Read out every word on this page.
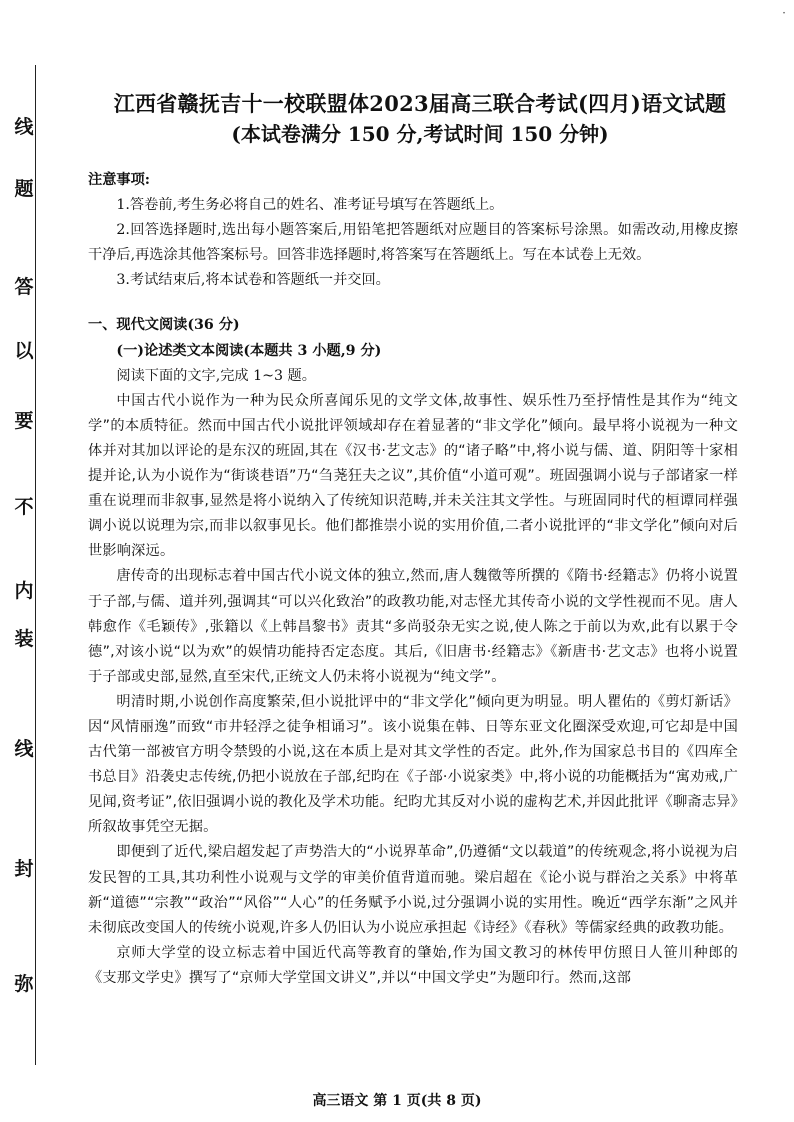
线
题
答
以
要
不
内
装
线
封
弥
·
江西省赣抚吉十一校联盟体2023届高三联合考试(四月)语文试题
(本试卷满分 150 分,考试时间 150 分钟)

注意事项:

1.答卷前,考生务必将自己的姓名、准考证号填写在答题纸上。

2.回答选择题时,选出每小题答案后,用铅笔把答题纸对应题目的答案标号涂黑。如需改动,用橡皮擦干净后,再选涂其他答案标号。回答非选择题时,将答案写在答题纸上。写在本试卷上无效。

3.考试结束后,将本试卷和答题纸一并交回。

一、现代文阅读(36 分)

(一)论述类文本阅读(本题共 3 小题,9 分)

阅读下面的文字,完成 1~3 题。

中国古代小说作为一种为民众所喜闻乐见的文学文体,故事性、娱乐性乃至抒情性是其作为“纯文学”的本质特征。然而中国古代小说批评领域却存在着显著的“非文学化”倾向。最早将小说视为一种文体并对其加以评论的是东汉的班固,其在《汉书·艺文志》的“诸子略”中,将小说与儒、道、阴阳等十家相提并论,认为小说作为“街谈巷语”乃“刍荛狂夫之议”,其价值“小道可观”。班固强调小说与子部诸家一样重在说理而非叙事,显然是将小说纳入了传统知识范畴,并未关注其文学性。与班固同时代的桓谭同样强调小说以说理为宗,而非以叙事见长。他们都推崇小说的实用价值,二者小说批评的“非文学化”倾向对后世影响深远。

唐传奇的出现标志着中国古代小说文体的独立,然而,唐人魏徵等所撰的《隋书·经籍志》仍将小说置于子部,与儒、道并列,强调其“可以兴化致治”的政教功能,对志怪尤其传奇小说的文学性视而不见。唐人韩愈作《毛颖传》,张籍以《上韩昌黎书》责其“多尚驳杂无实之说,使人陈之于前以为欢,此有以累于令德”,对该小说“以为欢”的娱情功能持否定态度。其后,《旧唐书·经籍志》《新唐书·艺文志》也将小说置于子部或史部,显然,直至宋代,正统文人仍未将小说视为“纯文学”。

明清时期,小说创作高度繁荣,但小说批评中的“非文学化”倾向更为明显。明人瞿佑的《剪灯新话》因“风情丽逸”而致“市井轻浮之徒争相诵习”。该小说集在韩、日等东亚文化圈深受欢迎,可它却是中国古代第一部被官方明令禁毁的小说,这在本质上是对其文学性的否定。此外,作为国家总书目的《四库全书总目》沿袭史志传统,仍把小说放在子部,纪昀在《子部·小说家类》中,将小说的功能概括为“寓劝戒,广见闻,资考证”,依旧强调小说的教化及学术功能。纪昀尤其反对小说的虚构艺术,并因此批评《聊斋志异》所叙故事凭空无据。

即便到了近代,梁启超发起了声势浩大的“小说界革命”,仍遵循“文以载道”的传统观念,将小说视为启发民智的工具,其功利性小说观与文学的审美价值背道而驰。梁启超在《论小说与群治之关系》中将革新“道德”“宗教”“政治”“风俗”“人心”的任务赋予小说,过分强调小说的实用性。晚近“西学东渐”之风并未彻底改变国人的传统小说观,许多人仍旧认为小说应承担起《诗经》《春秋》等儒家经典的政教功能。

京师大学堂的设立标志着中国近代高等教育的肇始,作为国文教习的林传甲仿照日人笹川种郎的《支那文学史》撰写了“京师大学堂国文讲义”,并以“中国文学史”为题印行。然而,这部

高三语文 第 1 页(共 8 页)
